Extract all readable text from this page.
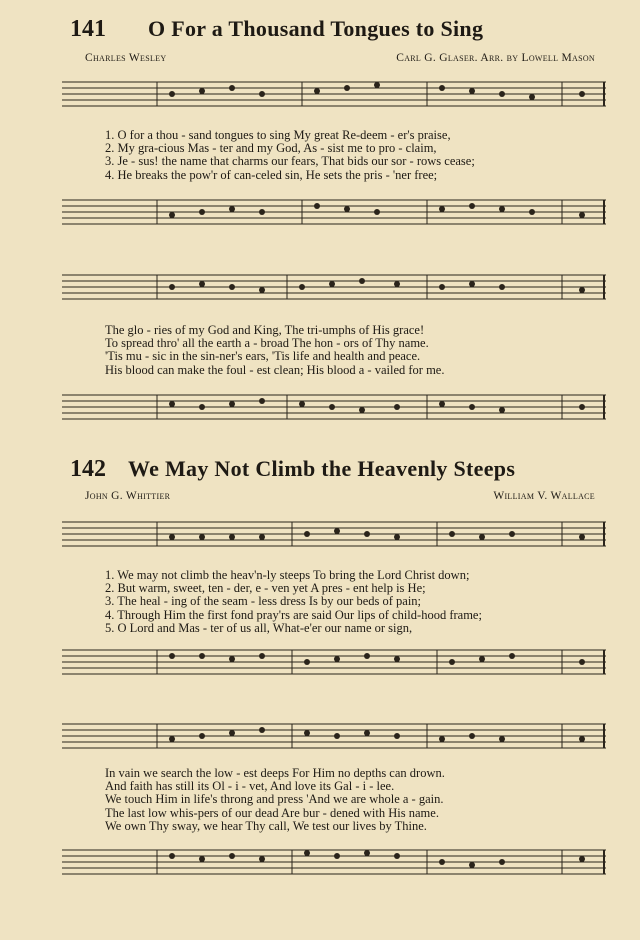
141 O For a Thousand Tongues to Sing
Charles Wesley	Carl G. Glaser. Arr. by Lowell Mason
1. O for a thou - sand tongues to sing My great Re-deem - er's praise,
2. My gra-cious Mas - ter and my God, As - sist me to pro - claim,
3. Je - sus! the name that charms our fears, That bids our sor - rows cease;
4. He breaks the pow'r of can-celed sin, He sets the pris - 'ner free;
The glo - ries of my God and King, The tri-umphs of His grace!
To spread thro' all the earth a - broad The hon - ors of Thy name.
'Tis mu - sic in the sin-ner's ears, 'Tis life and health and peace.
His blood can make the foul - est clean; His blood a - vailed for me.
142 We May Not Climb the Heavenly Steeps
John G. Whittier	William V. Wallace
1. We may not climb the heav'n-ly steeps To bring the Lord Christ down;
2. But warm, sweet, ten - der, e - ven yet A pres - ent help is He;
3. The heal - ing of the seam - less dress Is by our beds of pain;
4. Through Him the first fond pray'rs are said Our lips of child-hood frame;
5. O Lord and Mas - ter of us all, What-e'er our name or sign,
In vain we search the low - est deeps For Him no depths can drown.
And faith has still its Ol - i - vet, And love its Gal - i - lee.
We touch Him in life's throng and press 'And we are whole a - gain.
The last low whis-pers of our dead Are bur - dened with His name.
We own Thy sway, we hear Thy call, We test our lives by Thine.
